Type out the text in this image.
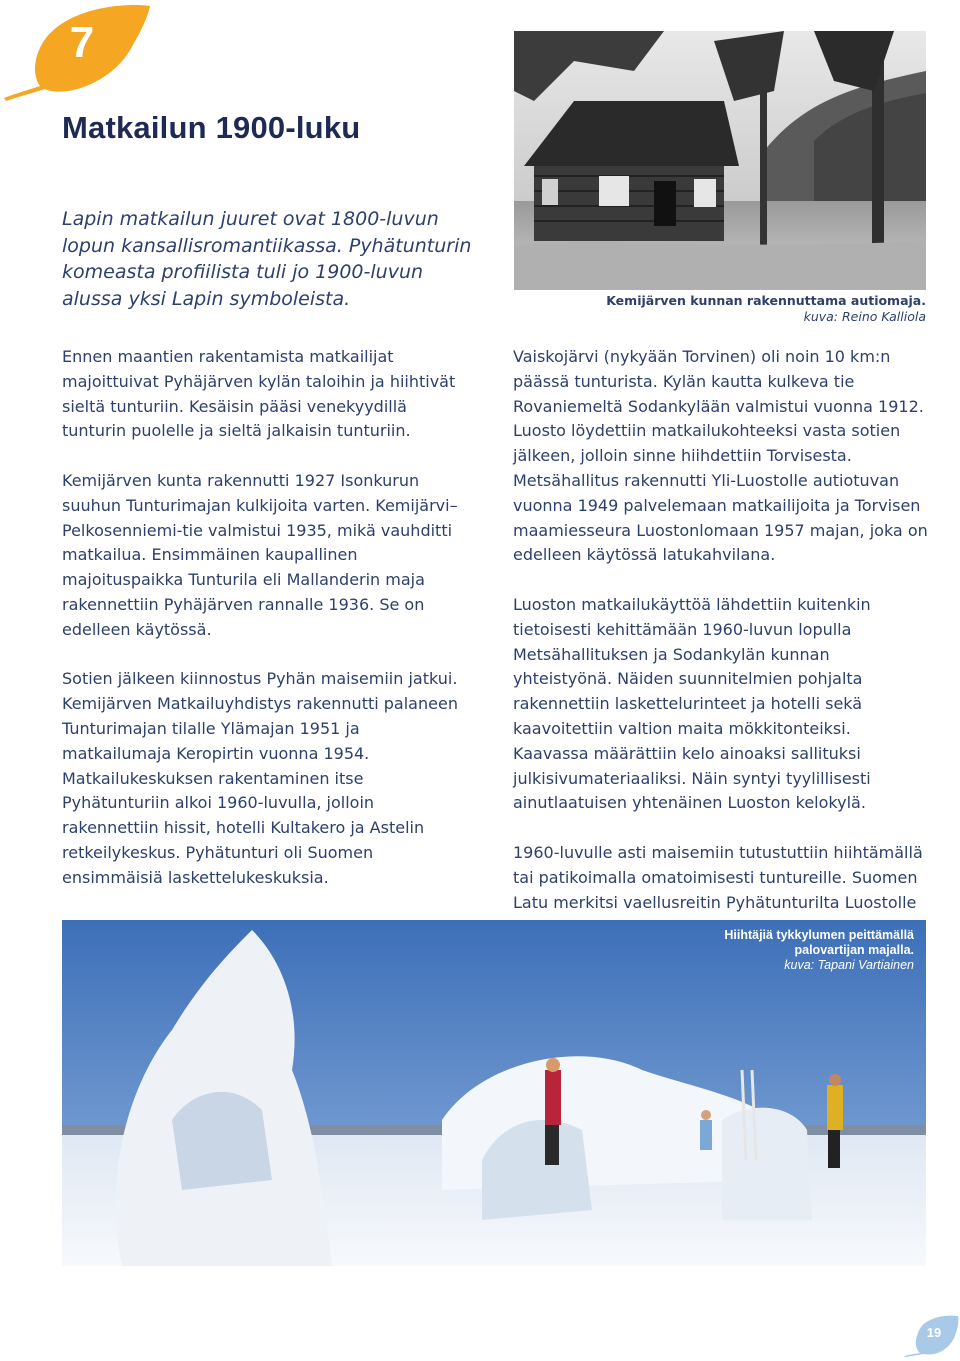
7
Matkailun 1900-luku
Lapin matkailun juuret ovat 1800-luvun lopun kansallisromantiikassa. Pyhätunturin komeasta profiilista tuli jo 1900-luvun alussa yksi Lapin symboleista.

Ennen maantien rakentamista matkailijat majoittuivat Pyhäjärven kylän taloihin ja hiihtivät sieltä tunturiin. Kesäisin pääsi venekyydillä tunturin puolelle ja sieltä jalkaisin tunturiin.

Kemijärven kunta rakennutti 1927 Isonkurun suuhun Tunturimajan kulkijoita varten. Kemijärvi–Pelkosenniemi-tie valmistui 1935, mikä vauhditti matkailua. Ensimmäinen kaupallinen majoituspaikka Tunturila eli Mallanderin maja rakennettiin Pyhäjärven rannalle 1936. Se on edelleen käytössä.

Sotien jälkeen kiinnostus Pyhän maisemiin jatkui. Kemijärven Matkailuyhdistys rakennutti palaneen Tunturimajan tilalle Ylämajan 1951 ja matkailumaja Keropirtin vuonna 1954. Matkailukeskuksen rakentaminen itse Pyhätunturiin alkoi 1960-luvulla, jolloin rakennettiin hissit, hotelli Kultakero ja Astelin retkeilykeskus. Pyhätunturi oli Suomen ensimmäisiä laskettelukeskuksia.

Vaiskojärvi (nykyään Torvinen) oli noin 10 km:n päässä tunturista. Kylän kautta kulkeva tie Rovaniemeltä Sodankylään valmistui vuonna 1912. Luosto löydettiin matkailukohteeksi vasta sotien jälkeen, jolloin sinne hiihdettiin Torvisesta. Metsähallitus rakennutti Yli-Luostolle autiotuvan vuonna 1949 palvelemaan matkailijoita ja Torvisen maamiesseura Luostonlomaan 1957 majan, joka on edelleen käytössä latukahvilana.

Luoston matkailukäyttöä lähdettiin kuitenkin tietoisesti kehittämään 1960-luvun lopulla Metsähallituksen ja Sodankylän kunnan yhteistyönä. Näiden suunnitelmien pohjalta rakennettiin laskettelurinteet ja hotelli sekä kaavoitettiin valtion maita mökkitonteiksi. Kaavassa määrättiin kelo ainoaksi sallituksi julkisivumateriaaliksi. Näin syntyi tyylillisesti ainutlaatuisen yhtenäinen Luoston kelokylä.

1960-luvulle asti maisemiin tutustuttiin hiihtämällä tai patikoimalla omatoimisesti tuntureille. Suomen Latu merkitsi vaellusreitin Pyhätunturilta Luostolle

Kemijärven kunnan rakennuttama autiomaja.
kuva: Reino Kalliola
Hiihtäjiä tykkylumen peittämällä palovartijan majalla.
kuva: Tapani Vartiainen
19
